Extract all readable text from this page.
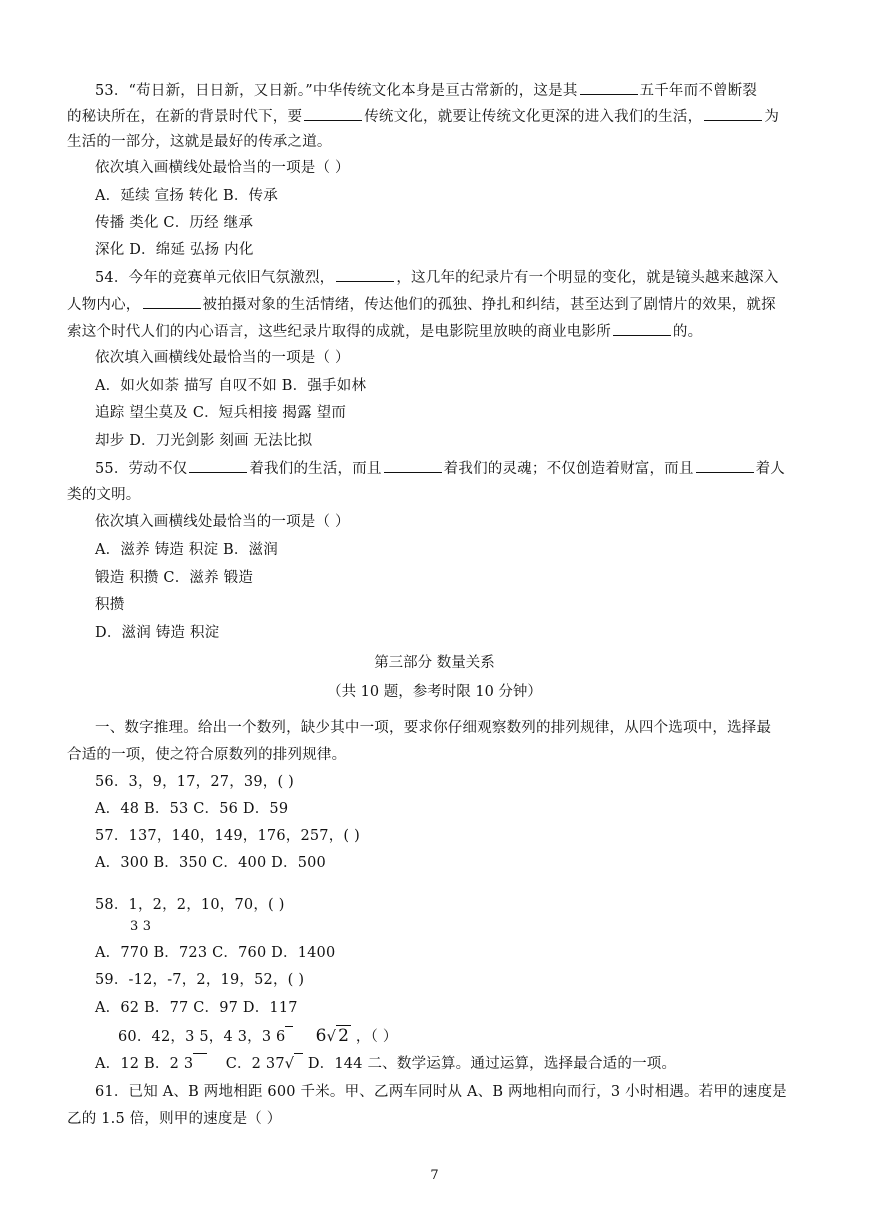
53．“苟日新，日日新，又日新。”中华传统文化本身是亘古常新的，这是其	五千年而不曾断裂
的秘诀所在，在新的背景时代下，要	传统文化，就要让传统文化更深的进入我们的生活，	为
生活的一部分，这就是最好的传承之道。
依次填入画横线处最恰当的一项是（ ）
A．延续 宣扬 转化 B．传承
传播 类化 C．历经 继承
深化 D．绵延 弘扬 内化
54．今年的竞赛单元依旧气氛激烈，	，这几年的纪录片有一个明显的变化，就是镜头越来越深入
人物内心，	被拍摄对象的生活情绪，传达他们的孤独、挣扎和纠结，甚至达到了剧情片的效果，就探
索这个时代人们的内心语言，这些纪录片取得的成就，是电影院里放映的商业电影所	的。
依次填入画横线处最恰当的一项是（ ）
A．如火如荼 描写 自叹不如 B．强手如林
追踪 望尘莫及 C．短兵相接 揭露 望而
却步 D．刀光剑影 刻画 无法比拟
55．劳动不仅	着我们的生活，而且	着我们的灵魂；不仅创造着财富，而且	着人
类的文明。
依次填入画横线处最恰当的一项是（ ）
A．滋养 铸造 积淀 B．滋润
锻造 积攒 C．滋养 锻造
积攒
D．滋润 铸造 积淀
第三部分 数量关系
（共 10 题，参考时限 10 分钟）
一、数字推理。给出一个数列，缺少其中一项，要求你仔细观察数列的排列规律，从四个选项中，选择最
合适的一项，使之符合原数列的排列规律。
56．3，9，17，27，39，( )
A．48 B．53 C．56 D．59
57．137，140，149，176，257，( )
A．300 B．350 C．400 D．500
58．1，2，2，10，70，( )
3 3
A．770 B．723 C．760 D．1400
59．-12，-7，2，19，52，( )
A．62 B．77 C．97 D．117
60．42，3 5，4 3，3 6   6√ 2 ，（ ）
A．12 B．2 3 C．2 37√ D．144 二、数学运算。通过运算，选择最合适的一项。
61．已知 A、B 两地相距 600 千米。甲、乙两车同时从 A、B 两地相向而行，3 小时相遇。若甲的速度是
乙的 1.5 倍，则甲的速度是（ ）
7
